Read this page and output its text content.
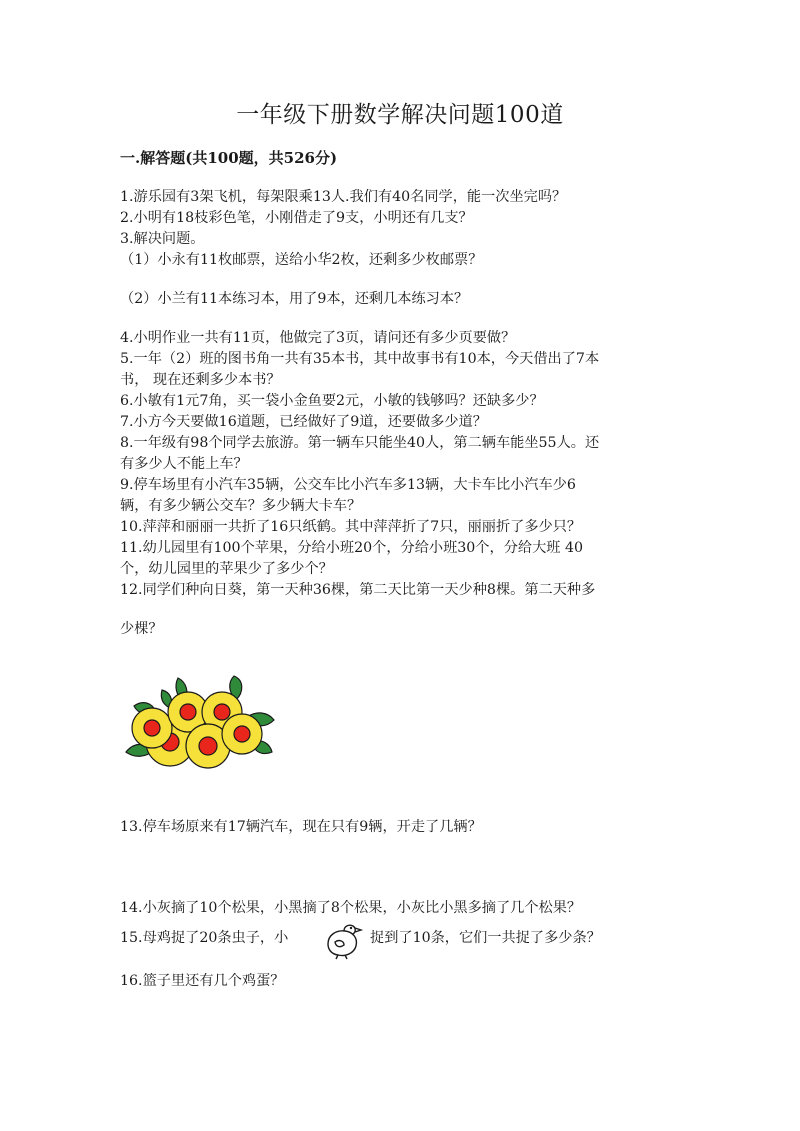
一年级下册数学解决问题100道
一.解答题(共100题，共526分)
1.游乐园有3架飞机，每架限乘13人.我们有40名同学，能一次坐完吗？
2.小明有18枝彩色笔，小刚借走了9支，小明还有几支？
3.解决问题。
（1）小永有11枚邮票，送给小华2枚，还剩多少枚邮票？
（2）小兰有11本练习本，用了9本，还剩几本练习本？
4.小明作业一共有11页，他做完了3页，请问还有多少页要做？
5.一年（2）班的图书角一共有35本书，其中故事书有10本，今天借出了7本
书， 现在还剩多少本书？
6.小敏有1元7角，买一袋小金鱼要2元，小敏的钱够吗？还缺多少？
7.小方今天要做16道题，已经做好了9道，还要做多少道？
8.一年级有98个同学去旅游。第一辆车只能坐40人，第二辆车能坐55人。还
有多少人不能上车？
9.停车场里有小汽车35辆，公交车比小汽车多13辆，大卡车比小汽车少6
辆，有多少辆公交车？多少辆大卡车？
10.萍萍和丽丽一共折了16只纸鹤。其中萍萍折了7只，丽丽折了多少只？
11.幼儿园里有100个苹果，分给小班20个，分给小班30个，分给大班 40
个，幼儿园里的苹果少了多少个？
12.同学们种向日葵，第一天种36棵，第二天比第一天少种8棵。第二天种多
少棵？
13.停车场原来有17辆汽车，现在只有9辆，开走了几辆？
14.小灰摘了10个松果，小黑摘了8个松果，小灰比小黑多摘了几个松果？
15.母鸡捉了20条虫子，小	捉到了10条，它们一共捉了多少条？
16.篮子里还有几个鸡蛋？
